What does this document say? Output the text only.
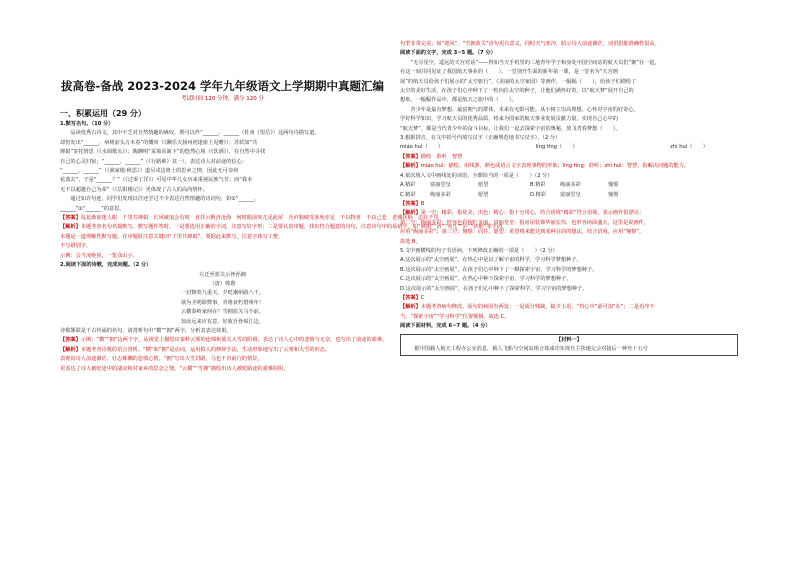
拔高卷-备战 2023-2024 学年九年级语文上学期期中真题汇编
考试时间 120 分钟，满分 120 分
一、积累运用（29 分）
1.默写名句。（10 分）
　　品读优秀古诗文，其中不乏对自然情趣的咏叹，既可以作“______，______（杜甫《望岳》）这两句诗描写道，
却仍发出“______，病树前头万木春”的慨叹（《酬乐天扬州初逢席上见赠》）；苏轼如“共
婵娟”寄托情思（《水调歌头》）；陶渊明“采菊东篱下”的悠然心境（《饮酒》），在自然中寻找
自己的心灵归宿；“______，______”（《行路难》其一），表达诗人对前途的信心；
“______，______”（《渔家傲·秋思》）道尽戍边将士的思乡之情，因此无可奈何
花落去”，于是“______？”（《过零丁洋》）可见中华儿女历来重视民族气节；而“我本
无不以超越自己为荣”（《岳阳楼记》）更体现了古人的高尚情怀。
　　通过如许句连，同学们发现以往还学过不少表达自然情趣的诗词句，如①“______，
______”②“______”的意思。
【答案】乱花渐欲迷人眼　千里共婵娟　长风破浪会有时　直挂云帆济沧海　何时眼前突兀见此屋　吾庐独破受冻死亦足　不以物喜　不以己悲　老骥伏枥　志在千里
【解析】本题考查名句名篇默写。默写题作答时，一是要选用正确的字词，注意写好字形；二是要认真审题，找出符合题意的诗句，注意诗句中的易错字，如“婵娟”“济”“突兀”“庐”“伏枥”等字词。
本题是一道理解性默写题，在审题时注意关键词“千里共婵娟”，要据此来默写，注意字体写工整，
不写错别字。
示例：会当凌绝顶，一览众山小。
2.阅读下面的诗歌，完成问题。（2 分）
左迁至蓝关示侄孙湘
（唐）韩愈
一封朝奏九重天，夕贬潮州路八千。
欲为圣明除弊事，肯将衰朽惜残年！
云横秦岭家何在？雪拥蓝关马不前。
知汝远来应有意，好收吾骨瘴江边。
诗歌颔联是千古传诵的名句，请赏析句中“横”“拥”两字，分析其表达效果。
【答案】示例：“横”“拥”这两个字，从视觉上描绘出秦岭云雾的连绵和蓝关大雪的阻碍，表达了诗人心中的悲愤与无奈，也写出了前途的艰难。
【解析】本题考查诗歌的语言赏析。“横”和“拥”是动词，运用拟人的修辞手法，生动形象地写出了云雾和大雪的形态，
表现出诗人前途渺茫、壮志难酬的悲愤心情，“拥”写出大雪封路，马也不肯前行的情景，
更表达了诗人被贬途中的凄凉和对家乡的思念之情。“云横”“雪拥”描绘出诗人被贬路途的艰难险阻。
句型非常完美；如“迎风”，“雪拥蓝关”语句更有意义，同时天气寒冷，暗示诗人前途渺茫，词语搭配准确性很高。
阅读下面的文字，完成 3~5 题。（7 分）
　　“无尽星空，遥远的天宫对话”——得知当天手机里的三地青年学子和身处中国空间站的航天员们“聚”在一起，
在这一刻共同见证了我国航天事业的（　　）。一堂别开生面的新年第一课，是一堂名为“天宫画
展”的航天员给孩子们展示的“太空旅行”，《美丽的太空家园》等画作，一幅幅（　　），给孩子们描绘了
太空的美好生活，在孩子们心中种下了一粒向往太空的种子，让他们满怀好奇，以“航天梦”展开自己的
想象，一幅幅作品中，都是航天之旅中的（　　）。
　　青少年是最有梦想、最富朝气的群体，未来有无限可能。从小树立崇高理想，心怀对宇宙的好奇心，
学好科学知识，学习航天员的优秀品质，将来为国家的航天事业发展贡献力量，实现自己心中的
“航天梦”，都是当代青少年的奋斗目标，让我们一起去探索宇宙的奥秘，放飞青春梦想（　　）。
3.根据拼音，在文中括号内填写汉字（正确规范地书写汉字）。（2 分）
miáo huì（　　）	líng tīng（　　）	zhì huì（　　）
【答案】描绘　聆听　智慧
【解析】miáo huì：描绘，用线条、颜色或语言文字表现事物的形象；líng tīng：聆听；zhì huì：智慧，指解决问题的能力。
4.依次填入文中画线处的词语，全都恰当的一项是（　　）（2 分）
A.精彩	富丽堂皇	愿望	B.精彩	绚丽多彩	憧憬
C.精彩	绚丽多彩	愿望	D.精彩	富丽堂皇	憧憬
【答案】B
【解析】第一空：精彩，指优美，出色；精心：指十分用心，结合语境“精彩”符合语境，表示画作很漂亮；
第二空：绚丽多彩：形容色彩绚烂美丽，富丽堂皇：指房屋装饰华丽宏伟，也形容场面盛大，这里是说画作，
应用“绚丽多彩”；第三空：憧憬：向往，愿望：希望将来能达到某种目的的想法，结合语境，应用“憧憬”。
故选 B。
5.文中画横线的句子有语病，下列修改正确的一项是（　　）（2 分）
A.这次展示的“太空画展”，在热心中是以了解宇宙的科学，学习科学梦想种子。
B.这次展示的“太空画展”，在孩子们心中种下了一颗探索宇宙、学习科学的梦想种子。
C.这次展示的“太空画展”，在热心中种下探索宇宙、学习科学的梦想种子。
D.这次展示的“太空画展”，在孩子们心中种下了探索科学、学习宇宙的梦想种子。
【答案】C
【解析】本题考查病句修改。原句的病因有两处：一是成分残缺，缺少主语，“热心中”前可加“在”；二是语序不
当，“探索宇宙”“学习科学”位置颠倒。故选 C。
阅读下面材料，完成 6~7 题。（4 分）
【材料一】
　　据中国载人航天工程办公室消息，载人飞船与空间站组合体成功实现自主快速交会对接后一神舟十五号
